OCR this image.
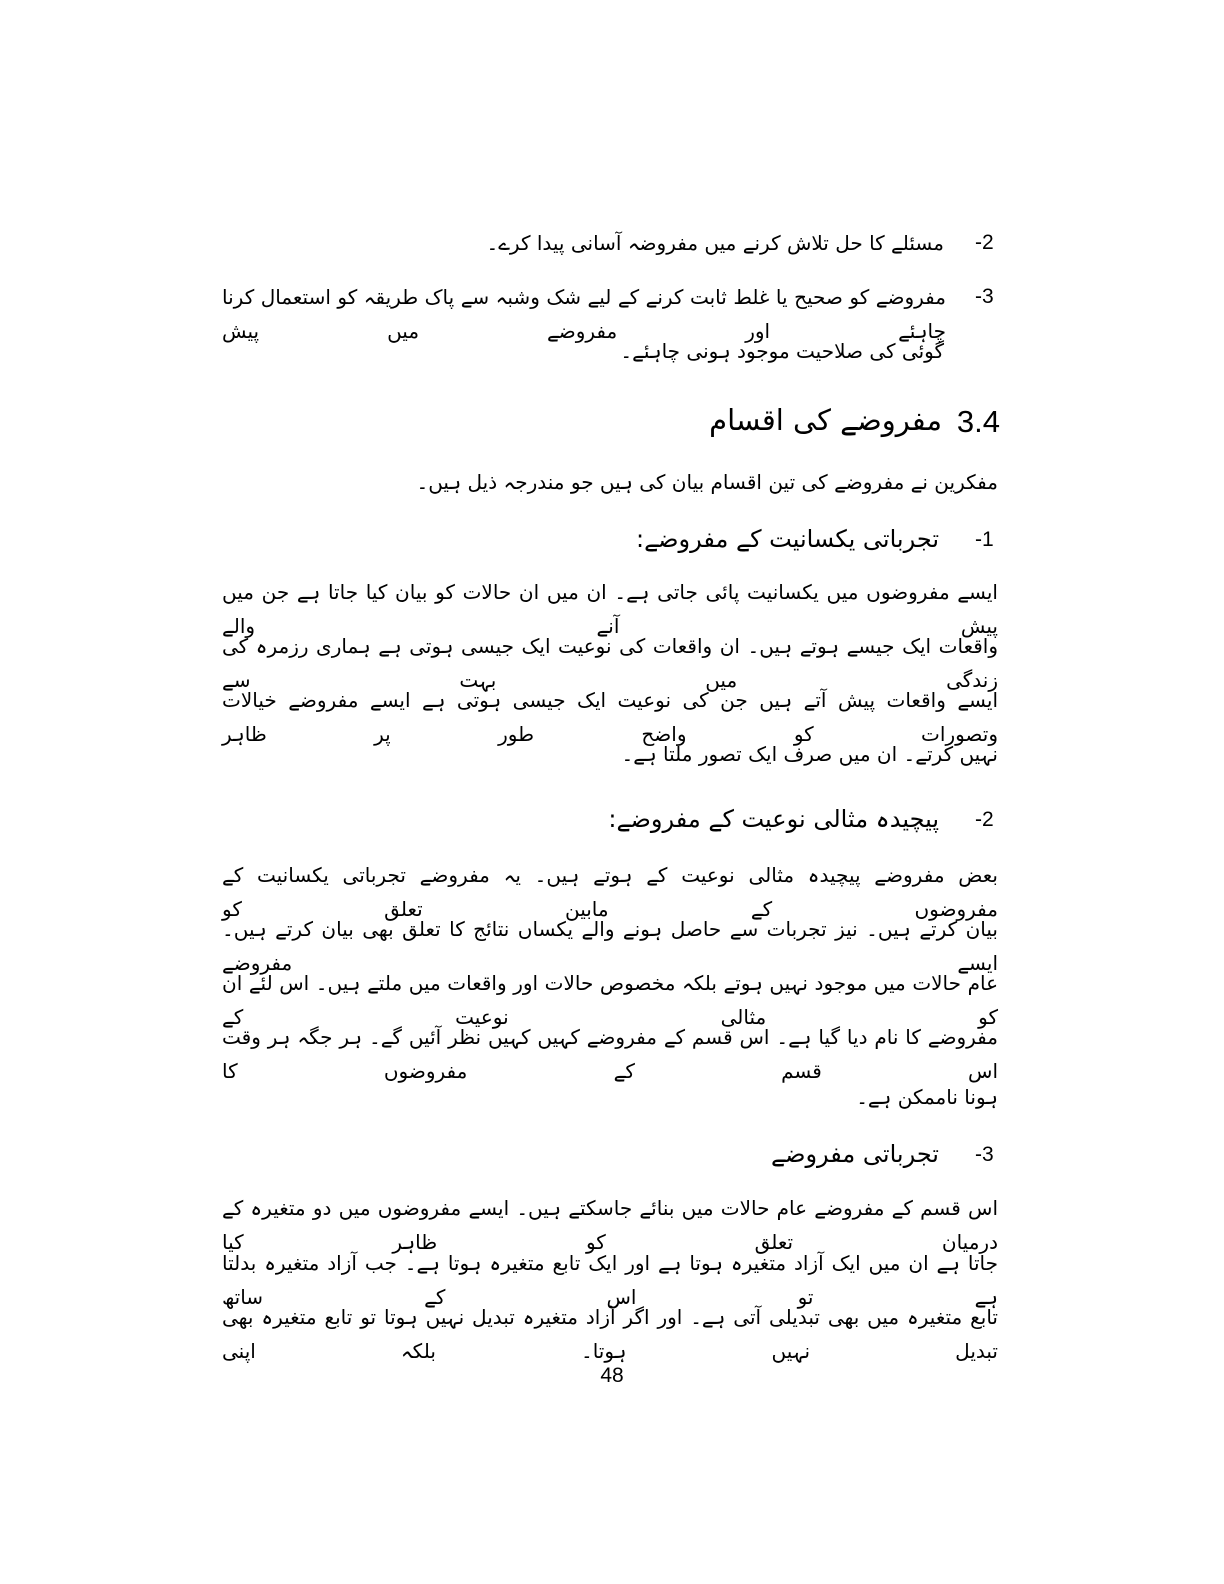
-2
مسئلے کا حل تلاش کرنے میں مفروضہ آسانی پیدا کرے۔
-3
مفروضے کو صحیح یا غلط ثابت کرنے کے لیے شک وشبہ سے پاک طریقہ کو استعمال کرنا چاہئے اور مفروضے میں پیش
گوئی کی صلاحیت موجود ہونی چاہئے۔
3.4
مفروضے کی اقسام
مفکرین نے مفروضے کی تین اقسام بیان کی ہیں جو مندرجہ ذیل ہیں۔
-1
تجرباتی یکسانیت کے مفروضے:
ایسے مفروضوں میں یکسانیت پائی جاتی ہے۔ ان میں ان حالات کو بیان کیا جاتا ہے جن میں پیش آنے والے
واقعات ایک جیسے ہوتے ہیں۔ ان واقعات کی نوعیت ایک جیسی ہوتی ہے ہماری رزمرہ کی زندگی میں بہت سے
ایسے واقعات پیش آتے ہیں جن کی نوعیت ایک جیسی ہوتی ہے ایسے مفروضے خیالات وتصورات کو واضح طور پر ظاہر
نہیں کرتے۔ ان میں صرف ایک تصور ملتا ہے۔
-2
پیچیدہ مثالی نوعیت کے مفروضے:
بعض مفروضے پیچیدہ مثالی نوعیت کے ہوتے ہیں۔ یہ مفروضے تجرباتی یکسانیت کے مفروضوں کے مابین تعلق کو
بیان کرتے ہیں۔ نیز تجربات سے حاصل ہونے والے یکساں نتائج کا تعلق بھی بیان کرتے ہیں۔ ایسے مفروضے
عام حالات میں موجود نہیں ہوتے بلکہ مخصوص حالات اور واقعات میں ملتے ہیں۔ اس لئے ان کو مثالی نوعیت کے
مفروضے کا نام دیا گیا ہے۔ اس قسم کے مفروضے کہیں کہیں نظر آئیں گے۔ ہر جگہ ہر وقت اس قسم کے مفروضوں کا
ہونا ناممکن ہے۔
-3
تجرباتی مفروضے
اس قسم کے مفروضے عام حالات میں بنائے جاسکتے ہیں۔ ایسے مفروضوں میں دو متغیرہ کے درمیان تعلق کو ظاہر کیا
جاتا ہے ان میں ایک آزاد متغیرہ ہوتا ہے اور ایک تابع متغیرہ ہوتا ہے۔ جب آزاد متغیرہ بدلتا ہے تو اس کے ساتھ
تابع متغیرہ میں بھی تبدیلی آتی ہے۔ اور اگر آزاد متغیرہ تبدیل نہیں ہوتا تو تابع متغیرہ بھی تبدیل نہیں ہوتا۔ بلکہ اپنی
48
